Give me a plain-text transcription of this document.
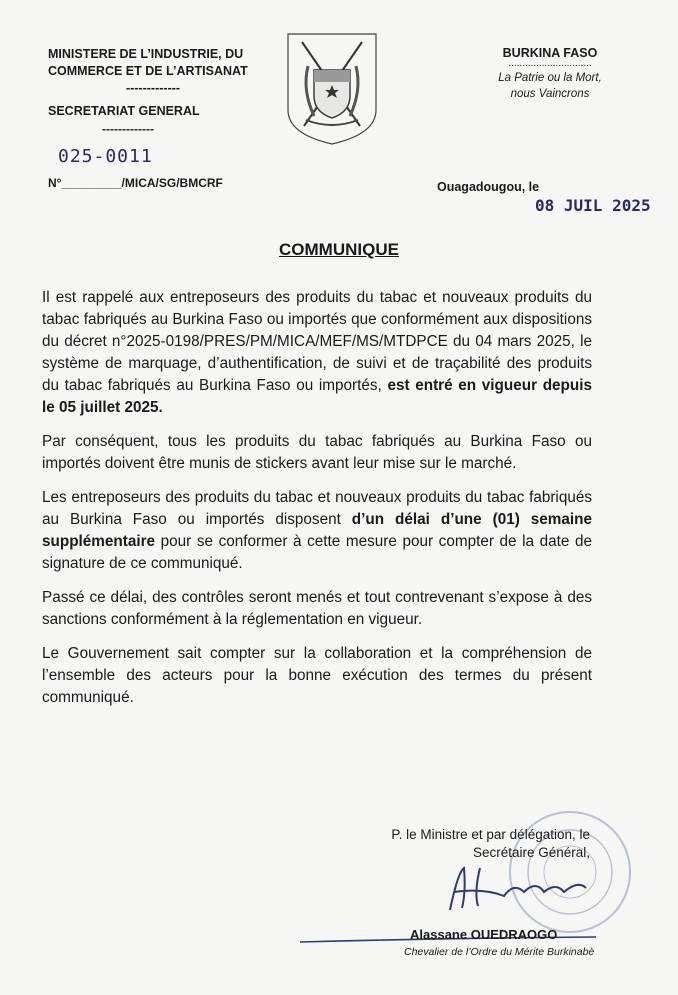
MINISTERE DE L’INDUSTRIE, DU
COMMERCE ET DE L’ARTISANAT
-------------
SECRETARIAT GENERAL
-------------
025-0011
N°_________/MICA/SG/BMCRF
BURKINA FASO
..............................
La Patrie ou la Mort,
nous Vaincrons
Ouagadougou, le
08 JUIL 2025
COMMUNIQUE

Il est rappelé aux entreposeurs des produits du tabac et nouveaux produits du tabac fabriqués au Burkina Faso ou importés que conformément aux dispositions du décret n°2025-0198/PRES/PM/MICA/MEF/MS/MTDPCE du 04 mars 2025, le système de marquage, d’authentification, de suivi et de traçabilité des produits du tabac fabriqués au Burkina Faso ou importés, est entré en vigueur depuis le 05 juillet 2025.

Par conséquent, tous les produits du tabac fabriqués au Burkina Faso ou importés doivent être munis de stickers avant leur mise sur le marché.

Les entreposeurs des produits du tabac et nouveaux produits du tabac fabriqués au Burkina Faso ou importés disposent d’un délai d’une (01) semaine supplémentaire pour se conformer à cette mesure pour compter de la date de signature de ce communiqué.

Passé ce délai, des contrôles seront menés et tout contrevenant s’expose à des sanctions conformément à la réglementation en vigueur.

Le Gouvernement sait compter sur la collaboration et la compréhension de l’ensemble des acteurs pour la bonne exécution des termes du présent communiqué.

P. le Ministre et par délégation, le
Secrétaire Général,
Alassane OUEDRAOGO
Chevalier de l’Ordre du Mérite Burkinabè
